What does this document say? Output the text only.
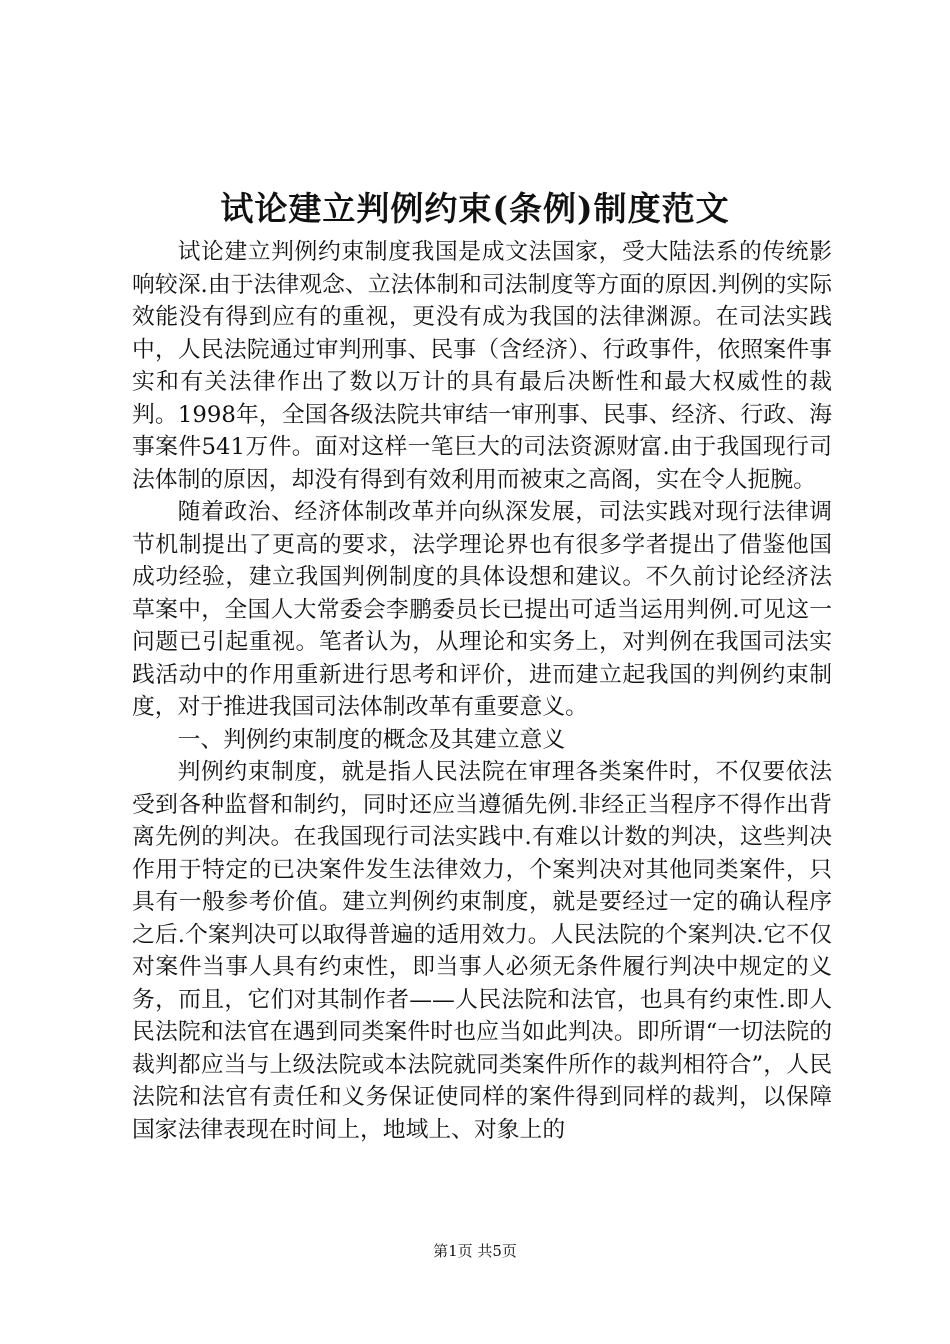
试论建立判例约束(条例)制度范文

试论建立判例约束制度我国是成文法国家，受大陆法系的传统影响较深.由于法律观念、立法体制和司法制度等方面的原因.判例的实际效能没有得到应有的重视，更没有成为我国的法律渊源。在司法实践中，人民法院通过审判刑事、民事（含经济）、行政事件，依照案件事实和有关法律作出了数以万计的具有最后决断性和最大权威性的裁判。1998年，全国各级法院共审结一审刑事、民事、经济、行政、海事案件541万件。面对这样一笔巨大的司法资源财富.由于我国现行司法体制的原因，却没有得到有效利用而被束之高阁，实在令人扼腕。

随着政治、经济体制改革并向纵深发展，司法实践对现行法律调节机制提出了更高的要求，法学理论界也有很多学者提出了借鉴他国成功经验，建立我国判例制度的具体设想和建议。不久前讨论经济法草案中，全国人大常委会李鹏委员长已提出可适当运用判例.可见这一问题已引起重视。笔者认为，从理论和实务上，对判例在我国司法实践活动中的作用重新进行思考和评价，进而建立起我国的判例约束制度，对于推进我国司法体制改革有重要意义。

一、判例约束制度的概念及其建立意义

判例约束制度，就是指人民法院在审理各类案件时，不仅要依法受到各种监督和制约，同时还应当遵循先例.非经正当程序不得作出背离先例的判决。在我国现行司法实践中.有难以计数的判决，这些判决作用于特定的已决案件发生法律效力，个案判决对其他同类案件，只具有一般参考价值。建立判例约束制度，就是要经过一定的确认程序之后.个案判决可以取得普遍的适用效力。人民法院的个案判决.它不仅对案件当事人具有约束性，即当事人必须无条件履行判决中规定的义务，而且，它们对其制作者——人民法院和法官，也具有约束性.即人民法院和法官在遇到同类案件时也应当如此判决。即所谓“一切法院的裁判都应当与上级法院或本法院就同类案件所作的裁判相符合”，人民法院和法官有责任和义务保证使同样的案件得到同样的裁判，以保障国家法律表现在时间上，地域上、对象上的

第1页 共5页
